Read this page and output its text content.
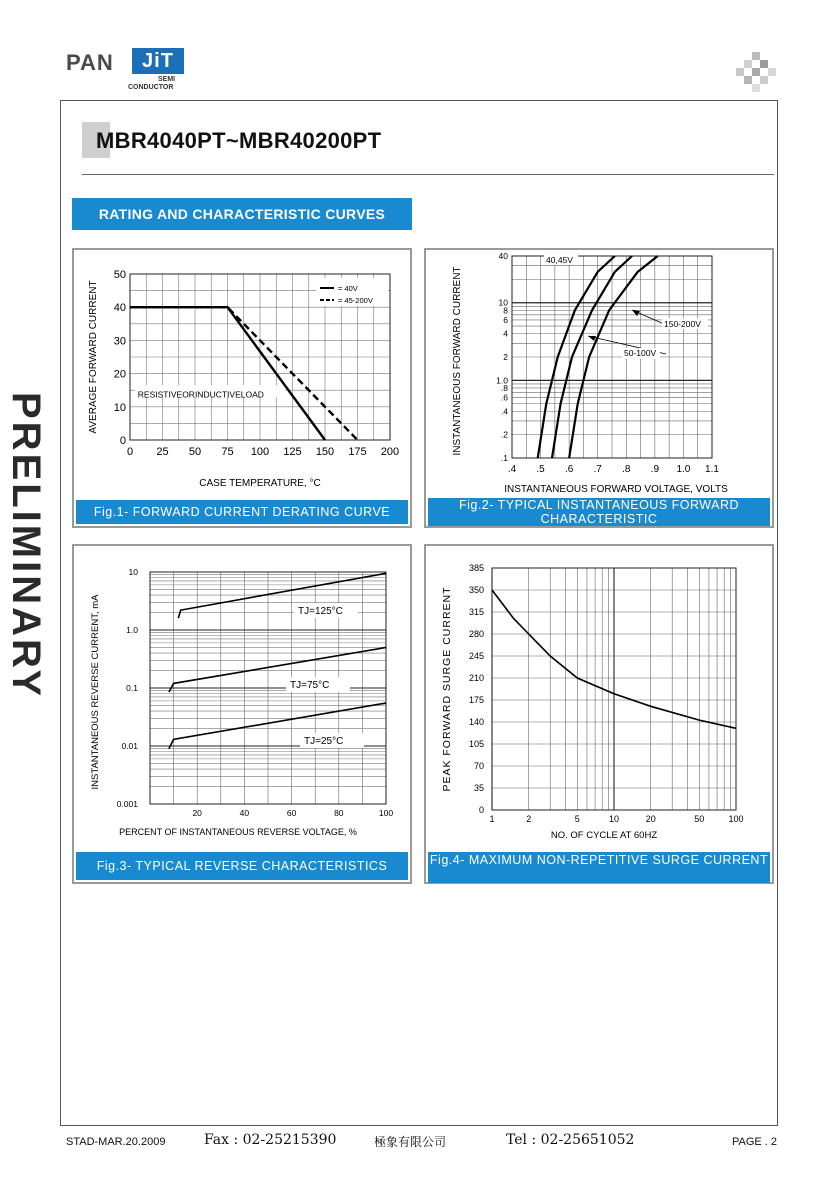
PAN	JiT
SEMI
CONDUCTOR
MBR4040PT~MBR40200PT
RATING AND CHARACTERISTIC CURVES
PRELIMINARY	0 25 50 75 100 125 150 175 200
0
10
20
30
40
50
CASE TEMPERATURE, °C
AVERAGE FORWARD CURRENT	RESISTIVEORINDUCTIVELOAD
= 40V
= 45-200V
Fig.1- FORWARD CURRENT DERATING CURVE
.4 .5 .6 .7 .8 .9 1.0 1.1
40
10
8
6
4
2
1.0
.8
.6
.4
.2
.1
INSTANTANEOUS FORWARD VOLTAGE, VOLTS
INSTANTANEOUS FORWARD CURRENT
40,45V
50-100V
150-200V
Fig.2- TYPICAL INSTANTANEOUS FORWARD CHARACTERISTIC
20	40	60	80	100
10
1.0
0.1
0.01
0.001
PERCENT OF INSTANTANEOUS REVERSE VOLTAGE, %
INSTANTANEOUS REVERSE CURRENT, mA	TJ=125°C
TJ=75°C
TJ=25°C
Fig.3- TYPICAL REVERSE CHARACTERISTICS
1	2	5	10	20	50	100
385
350
315
280
245
210
175
140
105
70
35
0
NO. OF CYCLE AT 60HZ
PEAK FORWARD SURGE CURRENT
Fig.4- MAXIMUM NON-REPETITIVE SURGE CURRENT
STAD-MAR.20.2009	Fax : 02-25215390	極象有限公司	Tel : 02-25651052	PAGE . 2
